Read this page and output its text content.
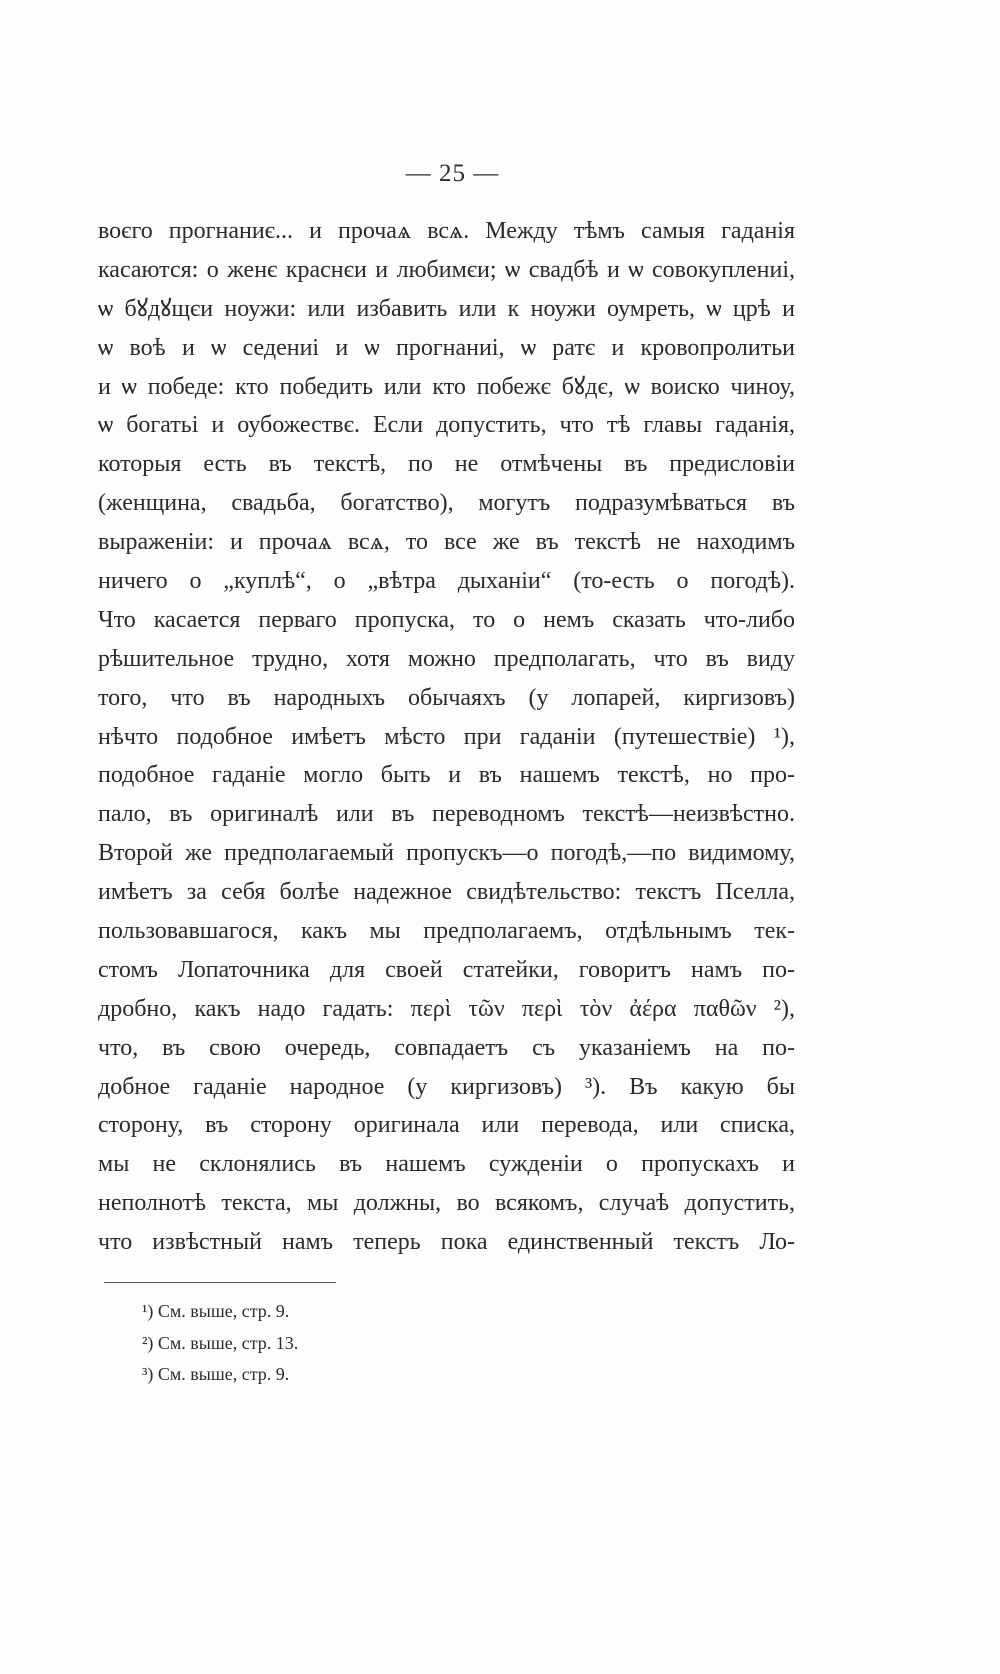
— 25 —
воєго прогнаниє... и прочаѧ всѧ. Между тѣмъ самыя гаданія
касаются: о женє краснєи и любимєи; ѡ свадбѣ и ѡ совокуплениі,
ѡ бꙋдꙋщєи ноужи: или избавить или к ноужи оумреть, ѡ црѣ и
ѡ воѣ и ѡ седениі и ѡ прогнаниі, ѡ ратє и кровопролитьи
и ѡ победе: кто победить или кто побежє бꙋдє, ѡ воиско чиноу,
ѡ богатьі и оубожествє. Если допустить, что тѣ главы гаданія,
которыя есть въ текстѣ, по не отмѣчены въ предисловіи
(женщина, свадьба, богатство), могутъ подразумѣваться въ
выраженіи: и прочаѧ всѧ, то все же въ текстѣ не находимъ
ничего о „куплѣ“, о „вѣтра дыханіи“ (то-есть о погодѣ).
Что касается перваго пропуска, то о немъ сказать что-либо
рѣшительное трудно, хотя можно предполагать, что въ виду
того, что въ народныхъ обычаяхъ (у лопарей, киргизовъ)
нѣчто подобное имѣетъ мѣсто при гаданіи (путешествіе) ¹),
подобное гаданіе могло быть и въ нашемъ текстѣ, но про-
пало, въ оригиналѣ или въ переводномъ текстѣ—неизвѣстно.
Второй же предполагаемый пропускъ—о погодѣ,—по видимому,
имѣетъ за себя болѣе надежное свидѣтельство: текстъ Пселла,
пользовавшагося, какъ мы предполагаемъ, отдѣльнымъ тек-
стомъ Лопаточника для своей статейки, говоритъ намъ по-
дробно, какъ надо гадать: περὶ τῶν περὶ τὸν ἀέρα παθῶν ²),
что, въ свою очередь, совпадаетъ съ указаніемъ на по-
добное гаданіе народное (у киргизовъ) ³). Въ какую бы
сторону, въ сторону оригинала или перевода, или списка,
мы не склонялись въ нашемъ сужденіи о пропускахъ и
неполнотѣ текста, мы должны, во всякомъ, случаѣ допустить,
что извѣстный намъ теперь пока единственный текстъ Ло-
¹) См. выше, стр. 9.
²) См. выше, стр. 13.
³) См. выше, стр. 9.
